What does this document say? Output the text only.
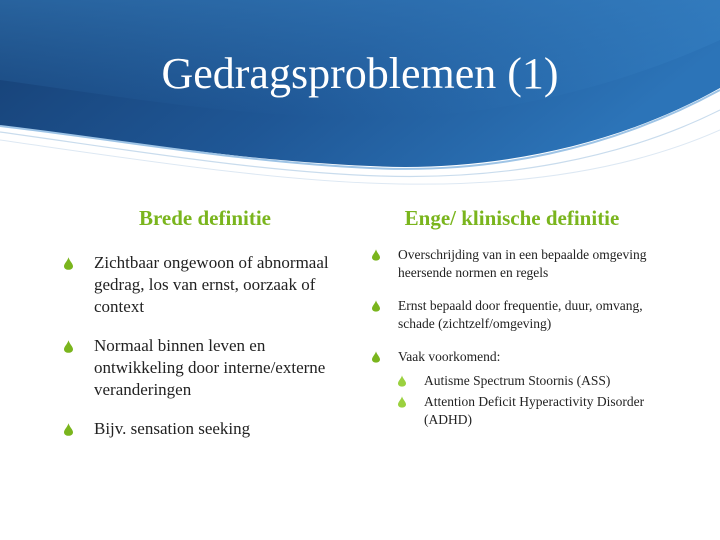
Gedragsproblemen (1)
Brede definitie	Enge/ klinische definitie
Zichtbaar ongewoon of abnormaal gedrag, los van ernst, oorzaak of context
Normaal binnen leven en ontwikkeling door interne/externe veranderingen
Bijv. sensation seeking
Overschrijding van in een bepaalde omgeving heersende normen en regels
Ernst bepaald door frequentie, duur, omvang, schade (zichtzelf/omgeving)
Vaak voorkomend:
Autisme Spectrum Stoornis (ASS)
Attention Deficit Hyperactivity Disorder (ADHD)
